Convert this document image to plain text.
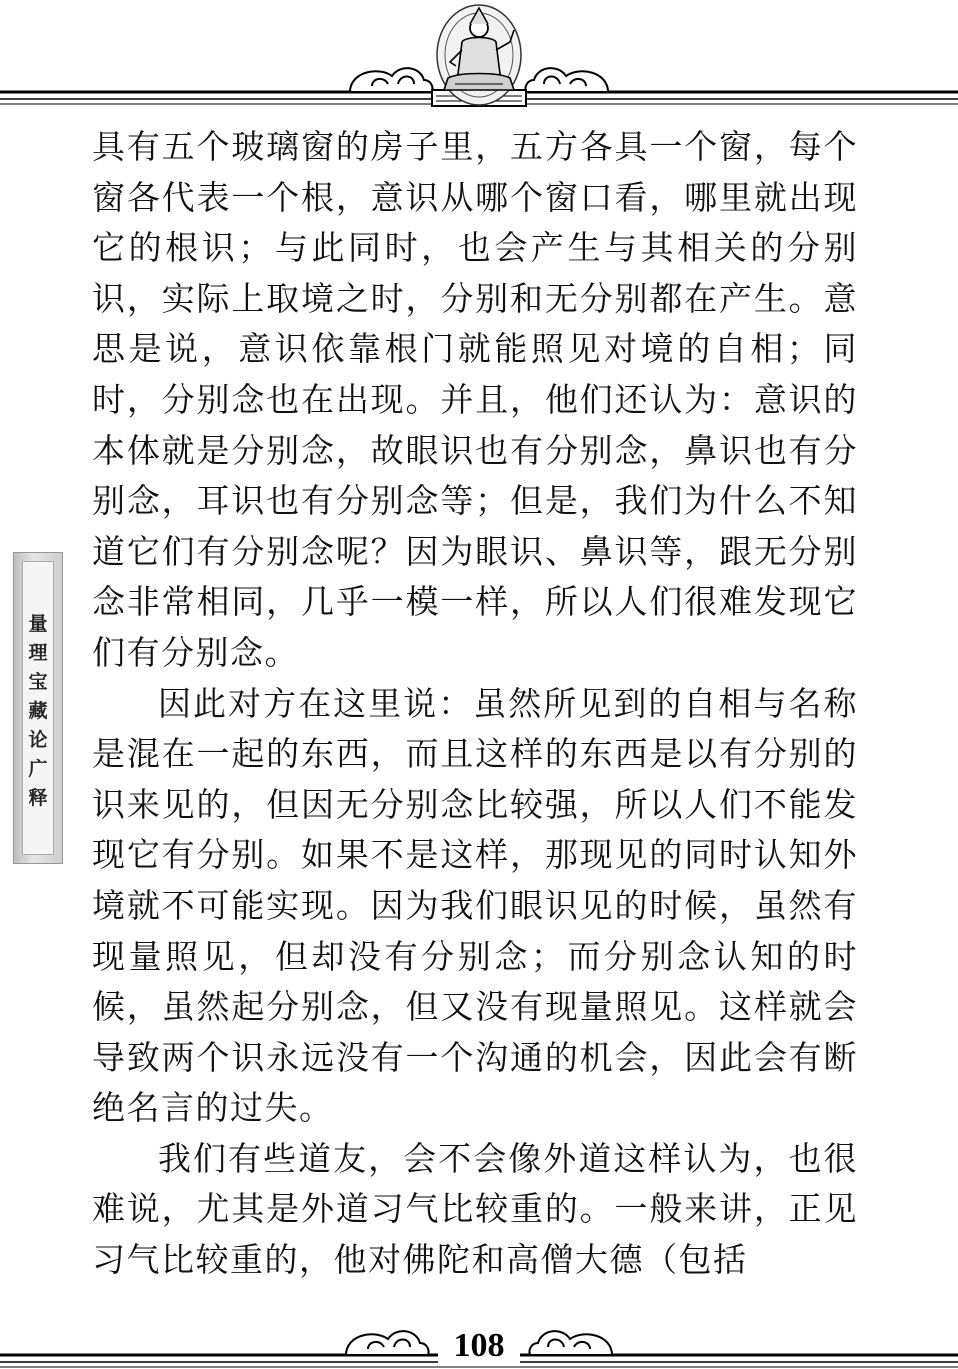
量理宝藏论广释

具有五个玻璃窗的房子里，五方各具一个窗，每个窗各代表一个根，意识从哪个窗口看，哪里就出现它的根识；与此同时，也会产生与其相关的分别识，实际上取境之时，分别和无分别都在产生。意思是说，意识依靠根门就能照见对境的自相；同时，分别念也在出现。并且，他们还认为：意识的本体就是分别念，故眼识也有分别念，鼻识也有分别念，耳识也有分别念等；但是，我们为什么不知道它们有分别念呢？因为眼识、鼻识等，跟无分别念非常相同，几乎一模一样，所以人们很难发现它们有分别念。

因此对方在这里说：虽然所见到的自相与名称是混在一起的东西，而且这样的东西是以有分别的识来见的，但因无分别念比较强，所以人们不能发现它有分别。如果不是这样，那现见的同时认知外境就不可能实现。因为我们眼识见的时候，虽然有现量照见，但却没有分别念；而分别念认知的时候，虽然起分别念，但又没有现量照见。这样就会导致两个识永远没有一个沟通的机会，因此会有断绝名言的过失。

我们有些道友，会不会像外道这样认为，也很难说，尤其是外道习气比较重的。一般来讲，正见习气比较重的，他对佛陀和高僧大德（包括

108
